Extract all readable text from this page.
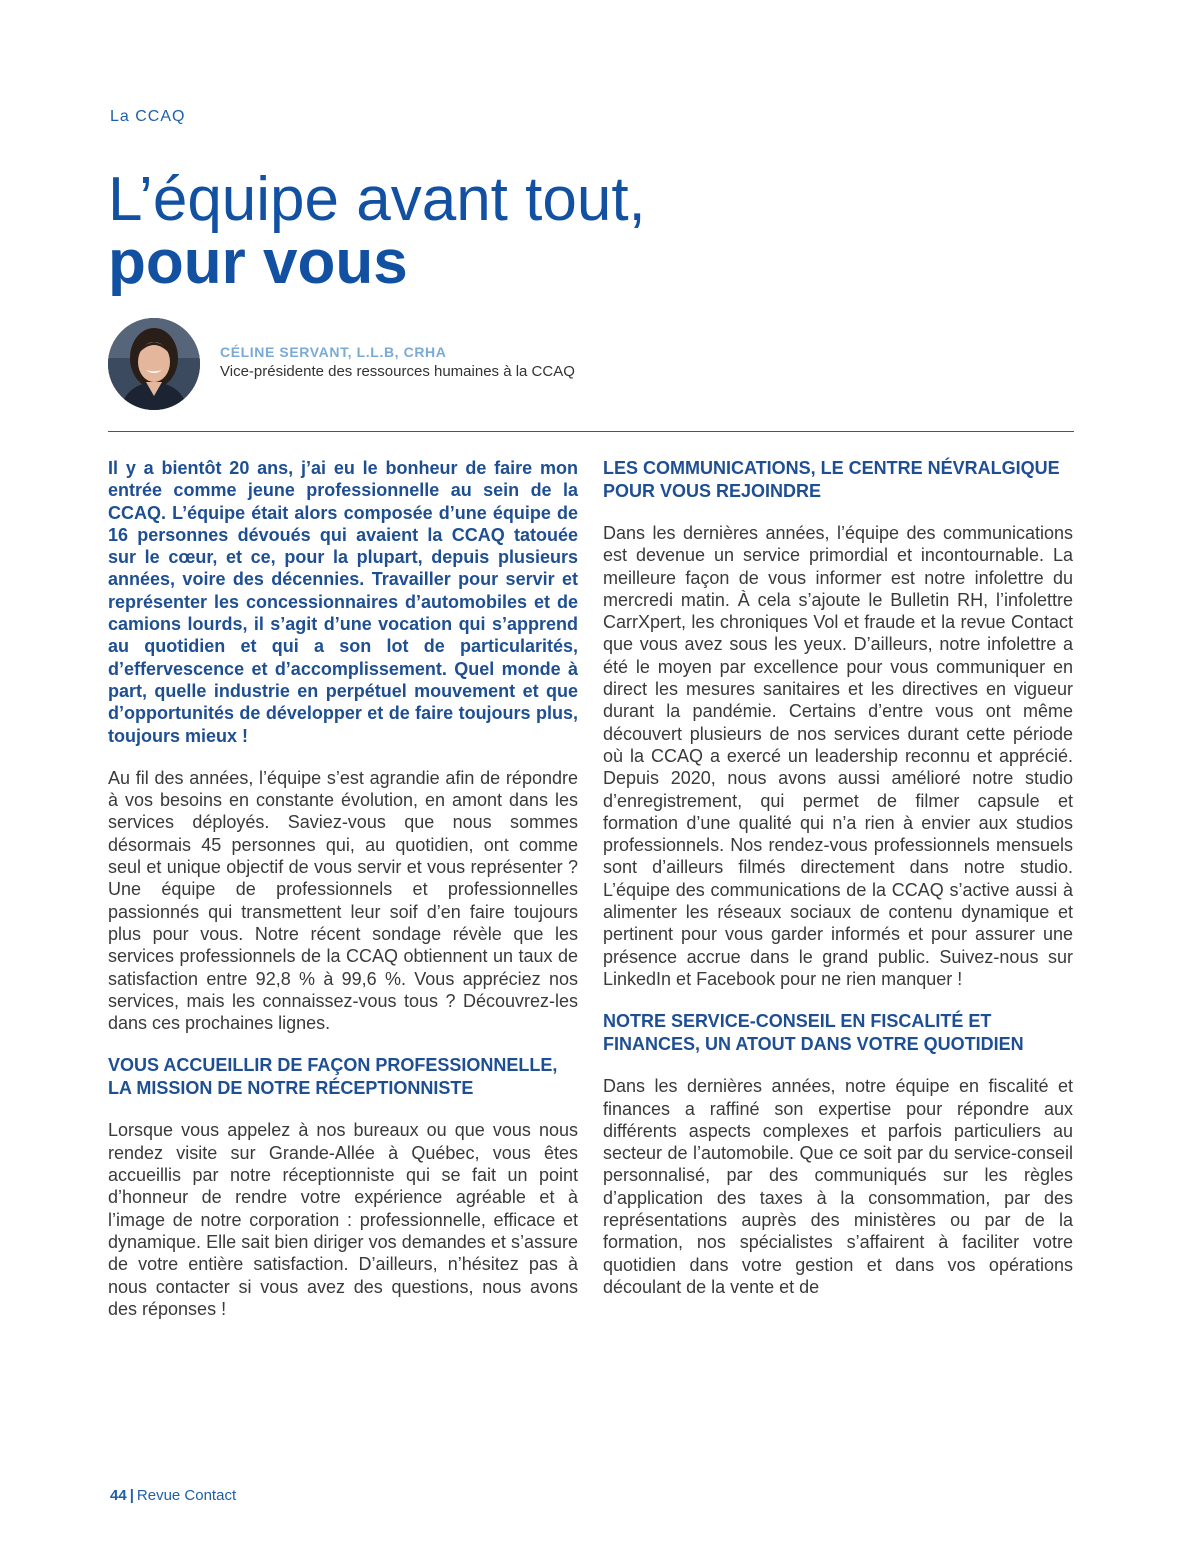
La CCAQ
L’équipe avant tout,
pour vous
CÉLINE SERVANT, L.L.B, CRHA
Vice-présidente des ressources humaines à la CCAQ

Il y a bientôt 20 ans, j’ai eu le bonheur de faire mon entrée comme jeune professionnelle au sein de la CCAQ. L’équipe était alors composée d’une équipe de 16 personnes dévoués qui avaient la CCAQ tatouée sur le cœur, et ce, pour la plupart, depuis plusieurs années, voire des décennies. Travailler pour servir et représenter les concessionnaires d’automobiles et de camions lourds, il s’agit d’une vocation qui s’apprend au quotidien et qui a son lot de particularités, d’effervescence et d’accomplissement. Quel monde à part, quelle industrie en perpétuel mouvement et que d’opportunités de développer et de faire toujours plus, toujours mieux !

Au fil des années, l’équipe s’est agrandie afin de répondre à vos besoins en constante évolution, en amont dans les services déployés. Saviez-vous que nous sommes désormais 45 personnes qui, au quotidien, ont comme seul et unique objectif de vous servir et vous représenter ? Une équipe de professionnels et professionnelles passionnés qui transmettent leur soif d’en faire toujours plus pour vous. Notre récent sondage révèle que les services professionnels de la CCAQ obtiennent un taux de satisfaction entre 92,8 % à 99,6 %. Vous appréciez nos services, mais les connaissez-vous tous ? Découvrez-les dans ces prochaines lignes.

VOUS ACCUEILLIR DE FAÇON PROFESSIONNELLE, LA MISSION DE NOTRE RÉCEPTIONNISTE

Lorsque vous appelez à nos bureaux ou que vous nous rendez visite sur Grande-Allée à Québec, vous êtes accueillis par notre réceptionniste qui se fait un point d’honneur de rendre votre expérience agréable et à l’image de notre corporation : professionnelle, efficace et dynamique. Elle sait bien diriger vos demandes et s’assure de votre entière satisfaction. D’ailleurs, n’hésitez pas à nous contacter si vous avez des questions, nous avons des réponses !

LES COMMUNICATIONS, LE CENTRE NÉVRALGIQUE POUR VOUS REJOINDRE

Dans les dernières années, l’équipe des communications est devenue un service primordial et incontournable. La meilleure façon de vous informer est notre infolettre du mercredi matin. À cela s’ajoute le Bulletin RH, l’infolettre CarrXpert, les chroniques Vol et fraude et la revue Contact que vous avez sous les yeux. D’ailleurs, notre infolettre a été le moyen par excellence pour vous communiquer en direct les mesures sanitaires et les directives en vigueur durant la pandémie. Certains d’entre vous ont même découvert plusieurs de nos services durant cette période où la CCAQ a exercé un leadership reconnu et apprécié. Depuis 2020, nous avons aussi amélioré notre studio d’enregistrement, qui permet de filmer capsule et formation d’une qualité qui n’a rien à envier aux studios professionnels. Nos rendez-vous professionnels mensuels sont d’ailleurs filmés directement dans notre studio. L’équipe des communications de la CCAQ s’active aussi à alimenter les réseaux sociaux de contenu dynamique et pertinent pour vous garder informés et pour assurer une présence accrue dans le grand public. Suivez-nous sur LinkedIn et Facebook pour ne rien manquer !

NOTRE SERVICE-CONSEIL EN FISCALITÉ ET FINANCES, UN ATOUT DANS VOTRE QUOTIDIEN

Dans les dernières années, notre équipe en fiscalité et finances a raffiné son expertise pour répondre aux différents aspects complexes et parfois particuliers au secteur de l’automobile. Que ce soit par du service-conseil personnalisé, par des communiqués sur les règles d’application des taxes à la consommation, par des représentations auprès des ministères ou par de la formation, nos spécialistes s’affairent à faciliter votre quotidien dans votre gestion et dans vos opérations découlant de la vente et de

44 | Revue Contact
